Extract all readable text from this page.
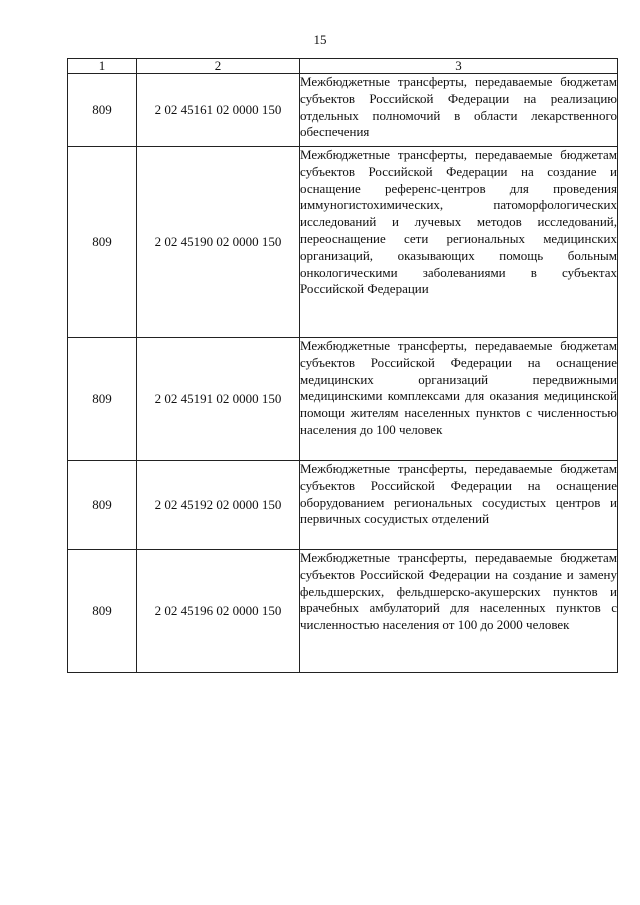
15
1	2	3
809	2 02 45161 02 0000 150	Межбюджетные трансферты, передаваемые бюджетам субъектов Российской Федерации на реализацию отдельных полномочий в области лекарственного обеспечения
809	2 02 45190 02 0000 150	Межбюджетные трансферты, передаваемые бюджетам субъектов Российской Федерации на создание и оснащение референс-центров для проведения иммуногистохимических, патоморфологических исследований и лучевых методов исследований, переоснащение сети региональных медицинских организаций, оказывающих помощь больным онкологическими заболеваниями в субъектах Российской Федерации
809	2 02 45191 02 0000 150	Межбюджетные трансферты, передаваемые бюджетам субъектов Российской Федерации на оснащение медицинских организаций передвижными медицинскими комплексами для оказания медицинской помощи жителям населенных пунктов с численностью населения до 100 человек
809	2 02 45192 02 0000 150	Межбюджетные трансферты, передаваемые бюджетам субъектов Российской Федерации на оснащение оборудованием региональных сосудистых центров и первичных сосудистых отделений
809	2 02 45196 02 0000 150	Межбюджетные трансферты, передаваемые бюджетам субъектов Российской Федерации на создание и замену фельдшерских, фельдшерско-акушерских пунктов и врачебных амбулаторий для населенных пунктов с численностью населения от 100 до 2000 человек
